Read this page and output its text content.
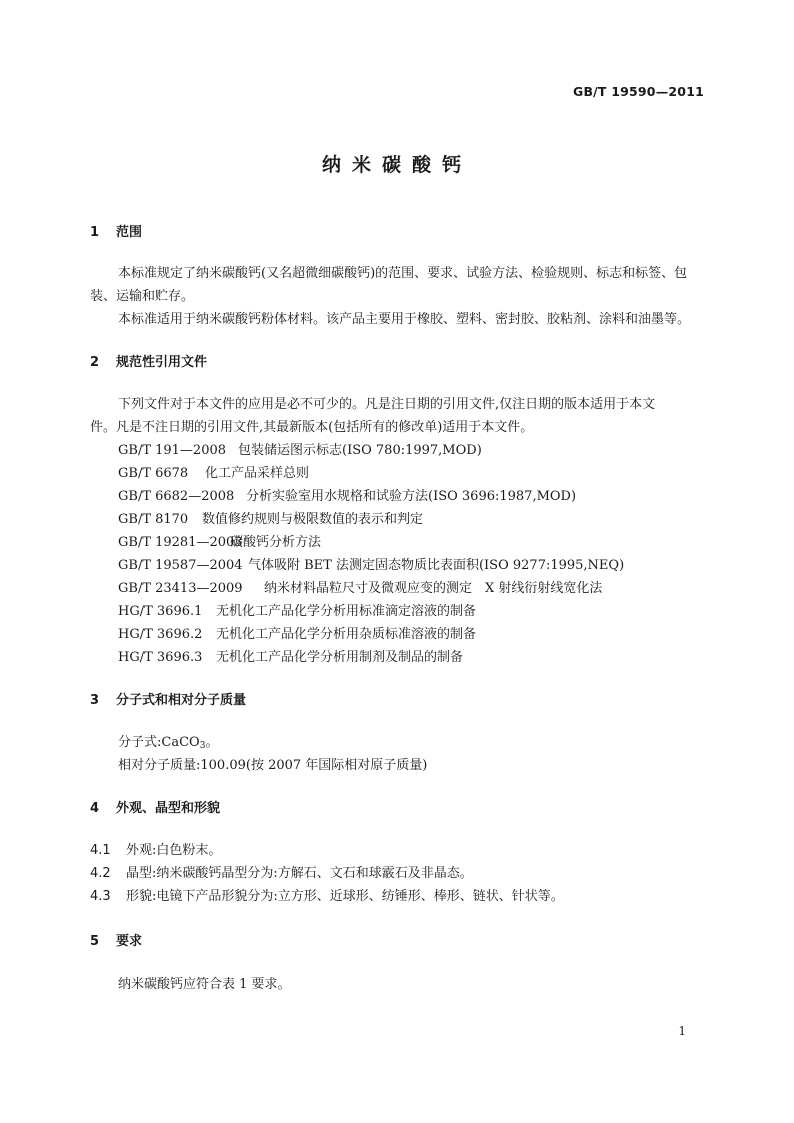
GB/T 19590—2011
纳米碳酸钙
1 范围
本标准规定了纳米碳酸钙(又名超微细碳酸钙)的范围、要求、试验方法、检验规则、标志和标签、包
装、运输和贮存。
本标准适用于纳米碳酸钙粉体材料。该产品主要用于橡胶、塑料、密封胶、胶粘剂、涂料和油墨等。
2 规范性引用文件
下列文件对于本文件的应用是必不可少的。凡是注日期的引用文件,仅注日期的版本适用于本文
件。凡是不注日期的引用文件,其最新版本(包括所有的修改单)适用于本文件。
GB/T 191—2008 包装储运图示标志(ISO 780:1997,MOD)
GB/T 6678 化工产品采样总则
GB/T 6682—2008 分析实验室用水规格和试验方法(ISO 3696:1987,MOD)
GB/T 8170 数值修约规则与极限数值的表示和判定
GB/T 19281—2003碳酸钙分析方法
GB/T 19587—2004 气体吸附 BET 法测定固态物质比表面积(ISO 9277:1995,NEQ)
GB/T 23413—2009 纳米材料晶粒尺寸及微观应变的测定　X 射线衍射线宽化法
HG/T 3696.1 无机化工产品化学分析用标准滴定溶液的制备
HG/T 3696.2 无机化工产品化学分析用杂质标准溶液的制备
HG/T 3696.3 无机化工产品化学分析用制剂及制品的制备
3 分子式和相对分子质量
分子式:CaCO$_3$。
相对分子质量:100.09(按 2007 年国际相对原子质量)
4 外观、晶型和形貌
4.1 外观:白色粉末。
4.2 晶型:纳米碳酸钙晶型分为:方解石、文石和球霰石及非晶态。
4.3 形貌:电镜下产品形貌分为:立方形、近球形、纺锤形、棒形、链状、针状等。
5 要求
纳米碳酸钙应符合表 1 要求。
1
